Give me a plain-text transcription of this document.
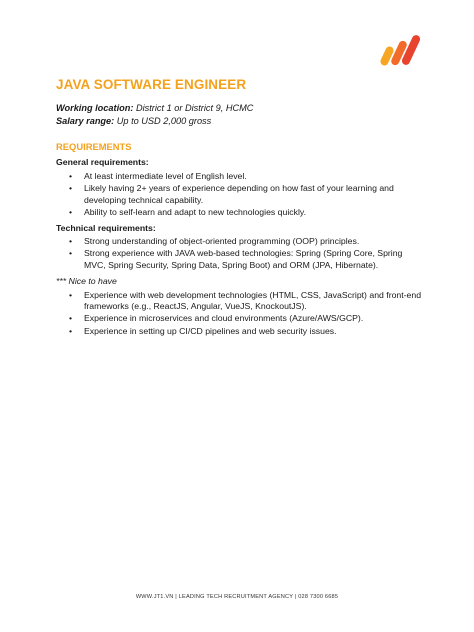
JAVA SOFTWARE ENGINEER
Working location: District 1 or District 9, HCMC
Salary range: Up to USD 2,000 gross
REQUIREMENTS
General requirements:
• At least intermediate level of English level.
• Likely having 2+ years of experience depending on how fast of your learning and developing technical capability.
• Ability to self-learn and adapt to new technologies quickly.
Technical requirements:
• Strong understanding of object-oriented programming (OOP) principles.
• Strong experience with JAVA web-based technologies: Spring (Spring Core, Spring MVC, Spring Security, Spring Data, Spring Boot) and ORM (JPA, Hibernate).
*** Nice to have
• Experience with web development technologies (HTML, CSS, JavaScript) and front-end frameworks (e.g., ReactJS, Angular, VueJS, KnockoutJS).
• Experience in microservices and cloud environments (Azure/AWS/GCP).
• Experience in setting up CI/CD pipelines and web security issues.
WWW.JT1.VN | LEADING TECH RECRUITMENT AGENCY | 028 7300 6685
